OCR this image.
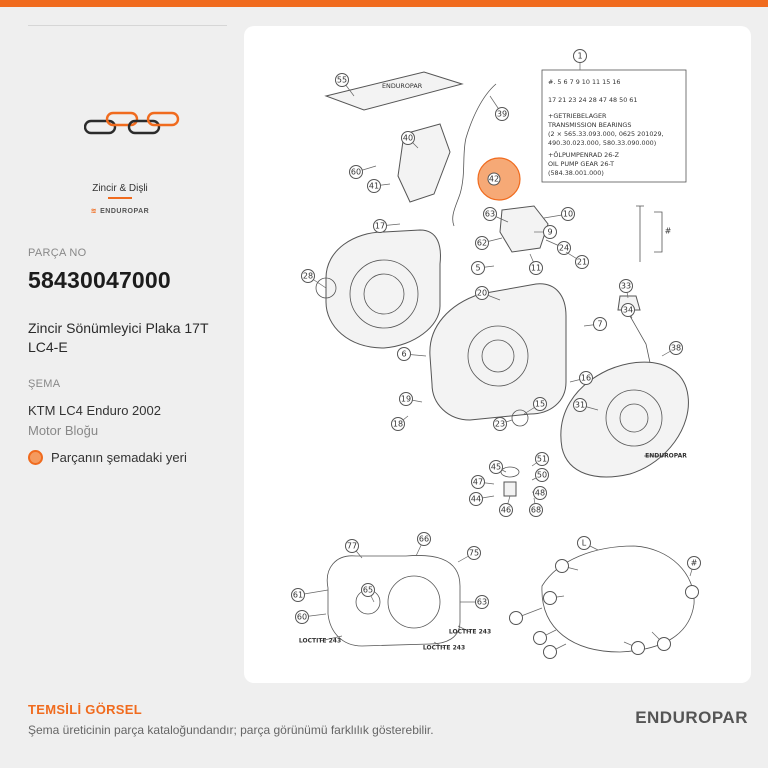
Zincir & Dişli
≋ ENDUROPAR
PARÇA NO
58430047000
Zincir Sönümleyici Plaka 17T LC4-E
ŞEMA
KTM LC4 Enduro 2002
Motor Bloğu
Parçanın şemadaki yeri
ENDUROPAR
#
#. 5 6 7 9 10 11 15 16
17 21 23 24 28 47 48 50 61
+GETRIEBELAGER
TRANSMISSION BEARINGS
(2 × 565.33.093.000, 0625 201029,
490.30.023.000, 580.33.090.000)
+ÖLPUMPENRAD 26-Z
OIL PUMP GEAR 26-T
(584.38.001.000)
55
39
40
60
41
17
63	10
9
62
11
24
21
5
28
20
7
6
33
34
38
19
16
18
15	31
23
1
45
51
47
50
44
46
48
ENDUROPAR
68
77
66
75
61
65
60
63
LOCTITE 243
LOCTITE 243
LOCTITE 243
L
#
42
TEMSİLİ GÖRSEL
Şema üreticinin parça kataloğundandır; parça görünümü farklılık gösterebilir.
ENDUROPAR
